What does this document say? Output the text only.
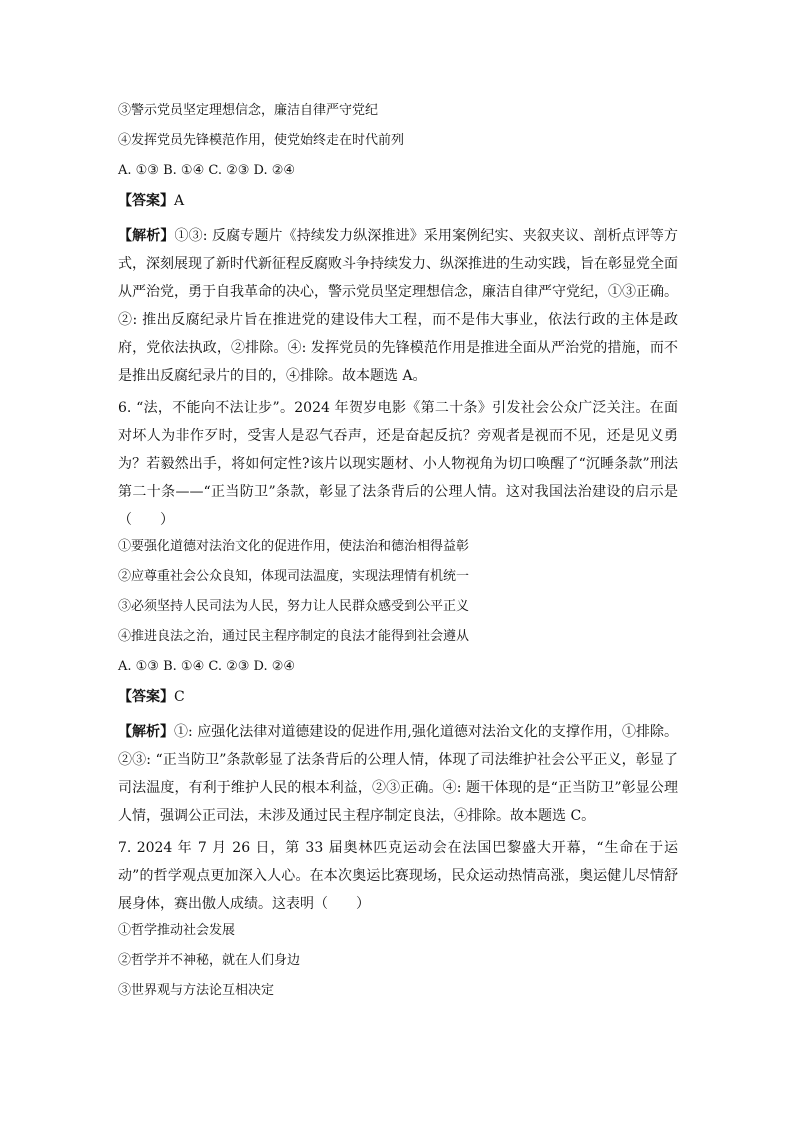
③警示党员坚定理想信念，廉洁自律严守党纪

④发挥党员先锋模范作用，使党始终走在时代前列

A. ①③ B. ①④ C. ②③ D. ②④

【答案】A

【解析】①③: 反腐专题片《持续发力纵深推进》采用案例纪实、夹叙夹议、剖析点评等方式，深刻展现了新时代新征程反腐败斗争持续发力、纵深推进的生动实践，旨在彰显党全面从严治党，勇于自我革命的决心，警示党员坚定理想信念，廉洁自律严守党纪，①③正确。②: 推出反腐纪录片旨在推进党的建设伟大工程，而不是伟大事业，依法行政的主体是政府，党依法执政，②排除。④: 发挥党员的先锋模范作用是推进全面从严治党的措施，而不是推出反腐纪录片的目的，④排除。故本题选 A。

6. “法，不能向不法让步”。2024 年贺岁电影《第二十条》引发社会公众广泛关注。在面对坏人为非作歹时，受害人是忍气吞声，还是奋起反抗？旁观者是视而不见，还是见义勇为？若毅然出手，将如何定性?该片以现实题材、小人物视角为切口唤醒了“沉睡条款”刑法第二十条——“正当防卫”条款，彰显了法条背后的公理人情。这对我国法治建设的启示是（　　）

①要强化道德对法治文化的促进作用，使法治和德治相得益彰

②应尊重社会公众良知，体现司法温度，实现法理情有机统一

③必须坚持人民司法为人民，努力让人民群众感受到公平正义

④推进良法之治，通过民主程序制定的良法才能得到社会遵从

A. ①③ B. ①④ C. ②③ D. ②④

【答案】C

【解析】①: 应强化法律对道德建设的促进作用,强化道德对法治文化的支撑作用，①排除。②③: “正当防卫”条款彰显了法条背后的公理人情，体现了司法维护社会公平正义，彰显了司法温度，有利于维护人民的根本利益，②③正确。④: 题干体现的是“正当防卫”彰显公理人情，强调公正司法，未涉及通过民主程序制定良法，④排除。故本题选 C。

7. 2024 年 7 月 26 日，第 33 届奥林匹克运动会在法国巴黎盛大开幕，“生命在于运动”的哲学观点更加深入人心。在本次奥运比赛现场，民众运动热情高涨，奥运健儿尽情舒展身体，赛出傲人成绩。这表明（　　）

①哲学推动社会发展

②哲学并不神秘，就在人们身边

③世界观与方法论互相决定
